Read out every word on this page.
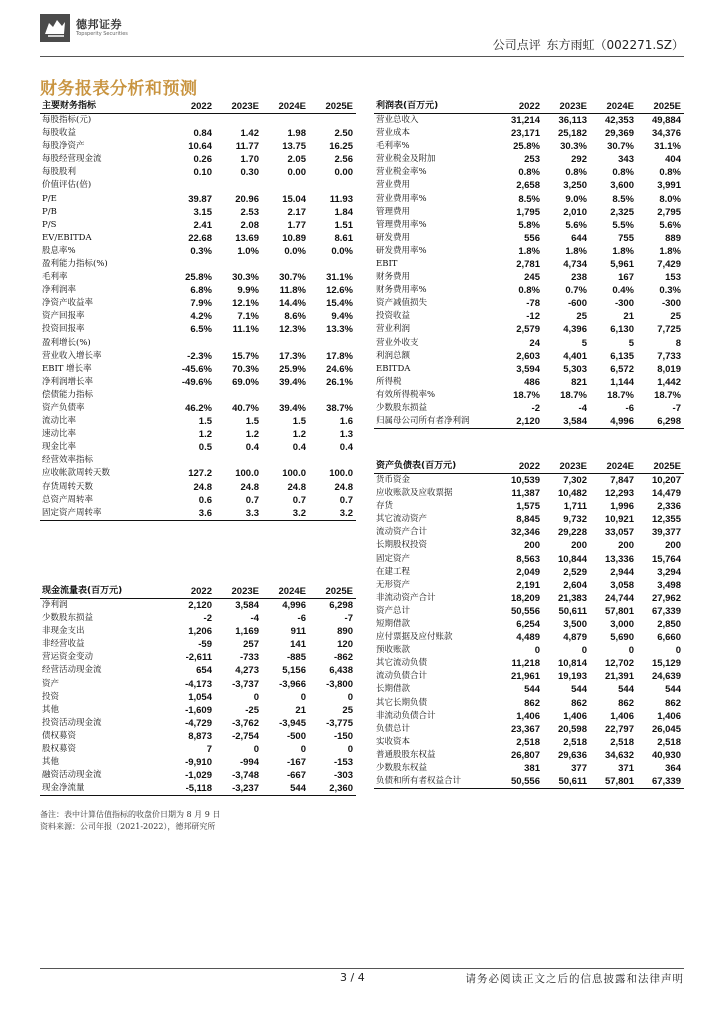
德邦证券
Topsperity Securities
公司点评 东方雨虹（002271.SZ）
财务报表分析和预测
主要财务指标	2022	2023E	2024E	2025E
每股指标(元)				
每股收益	0.84	1.42	1.98	2.50
每股净资产	10.64	11.77	13.75	16.25
每股经营现金流	0.26	1.70	2.05	2.56
每股股利	0.10	0.30	0.00	0.00
价值评估(倍)				
P/E	39.87	20.96	15.04	11.93
P/B	3.15	2.53	2.17	1.84
P/S	2.41	2.08	1.77	1.51
EV/EBITDA	22.68	13.69	10.89	8.61
股息率%	0.3%	1.0%	0.0%	0.0%
盈利能力指标(%)				
毛利率	25.8%	30.3%	30.7%	31.1%
净利润率	6.8%	9.9%	11.8%	12.6%
净资产收益率	7.9%	12.1%	14.4%	15.4%
资产回报率	4.2%	7.1%	8.6%	9.4%
投资回报率	6.5%	11.1%	12.3%	13.3%
盈利增长(%)				
营业收入增长率	-2.3%	15.7%	17.3%	17.8%
EBIT 增长率	-45.6%	70.3%	25.9%	24.6%
净利润增长率	-49.6%	69.0%	39.4%	26.1%
偿债能力指标				
资产负债率	46.2%	40.7%	39.4%	38.7%
流动比率	1.5	1.5	1.5	1.6
速动比率	1.2	1.2	1.2	1.3
现金比率	0.5	0.4	0.4	0.4
经营效率指标				
应收帐款周转天数	127.2	100.0	100.0	100.0
存货周转天数	24.8	24.8	24.8	24.8
总资产周转率	0.6	0.7	0.7	0.7
固定资产周转率	3.6	3.3	3.2	3.2
利润表(百万元)	2022	2023E	2024E	2025E
营业总收入	31,214	36,113	42,353	49,884
营业成本	23,171	25,182	29,369	34,376
毛利率%	25.8%	30.3%	30.7%	31.1%
营业税金及附加	253	292	343	404
营业税金率%	0.8%	0.8%	0.8%	0.8%
营业费用	2,658	3,250	3,600	3,991
营业费用率%	8.5%	9.0%	8.5%	8.0%
管理费用	1,795	2,010	2,325	2,795
管理费用率%	5.8%	5.6%	5.5%	5.6%
研发费用	556	644	755	889
研发费用率%	1.8%	1.8%	1.8%	1.8%
EBIT	2,781	4,734	5,961	7,429
财务费用	245	238	167	153
财务费用率%	0.8%	0.7%	0.4%	0.3%
资产减值损失	-78	-600	-300	-300
投资收益	-12	25	21	25
营业利润	2,579	4,396	6,130	7,725
营业外收支	24	5	5	8
利润总额	2,603	4,401	6,135	7,733
EBITDA	3,594	5,303	6,572	8,019
所得税	486	821	1,144	1,442
有效所得税率%	18.7%	18.7%	18.7%	18.7%
少数股东损益	-2	-4	-6	-7
归属母公司所有者净利润	2,120	3,584	4,996	6,298
资产负债表(百万元)	2022	2023E	2024E	2025E
货币资金	10,539	7,302	7,847	10,207
应收账款及应收票据	11,387	10,482	12,293	14,479
存货	1,575	1,711	1,996	2,336
其它流动资产	8,845	9,732	10,921	12,355
流动资产合计	32,346	29,228	33,057	39,377
长期股权投资	200	200	200	200
固定资产	8,563	10,844	13,336	15,764
在建工程	2,049	2,529	2,944	3,294
无形资产	2,191	2,604	3,058	3,498
非流动资产合计	18,209	21,383	24,744	27,962
资产总计	50,556	50,611	57,801	67,339
短期借款	6,254	3,500	3,000	2,850
应付票据及应付账款	4,489	4,879	5,690	6,660
预收账款	0	0	0	0
其它流动负债	11,218	10,814	12,702	15,129
流动负债合计	21,961	19,193	21,391	24,639
长期借款	544	544	544	544
其它长期负债	862	862	862	862
非流动负债合计	1,406	1,406	1,406	1,406
负债总计	23,367	20,598	22,797	26,045
实收资本	2,518	2,518	2,518	2,518
普通股股东权益	26,807	29,636	34,632	40,930
少数股东权益	381	377	371	364
负债和所有者权益合计	50,556	50,611	57,801	67,339
现金流量表(百万元)	2022	2023E	2024E	2025E
净利润	2,120	3,584	4,996	6,298
少数股东损益	-2	-4	-6	-7
非现金支出	1,206	1,169	911	890
非经营收益	-59	257	141	120
营运资金变动	-2,611	-733	-885	-862
经营活动现金流	654	4,273	5,156	6,438
资产	-4,173	-3,737	-3,966	-3,800
投资	1,054	0	0	0
其他	-1,609	-25	21	25
投资活动现金流	-4,729	-3,762	-3,945	-3,775
债权募资	8,873	-2,754	-500	-150
股权募资	7	0	0	0
其他	-9,910	-994	-167	-153
融资活动现金流	-1,029	-3,748	-667	-303
现金净流量	-5,118	-3,237	544	2,360
备注：表中计算估值指标的收盘价日期为 8 月 9 日
资料来源：公司年报（2021-2022），德邦研究所
3 / 4	请务必阅读正文之后的信息披露和法律声明
